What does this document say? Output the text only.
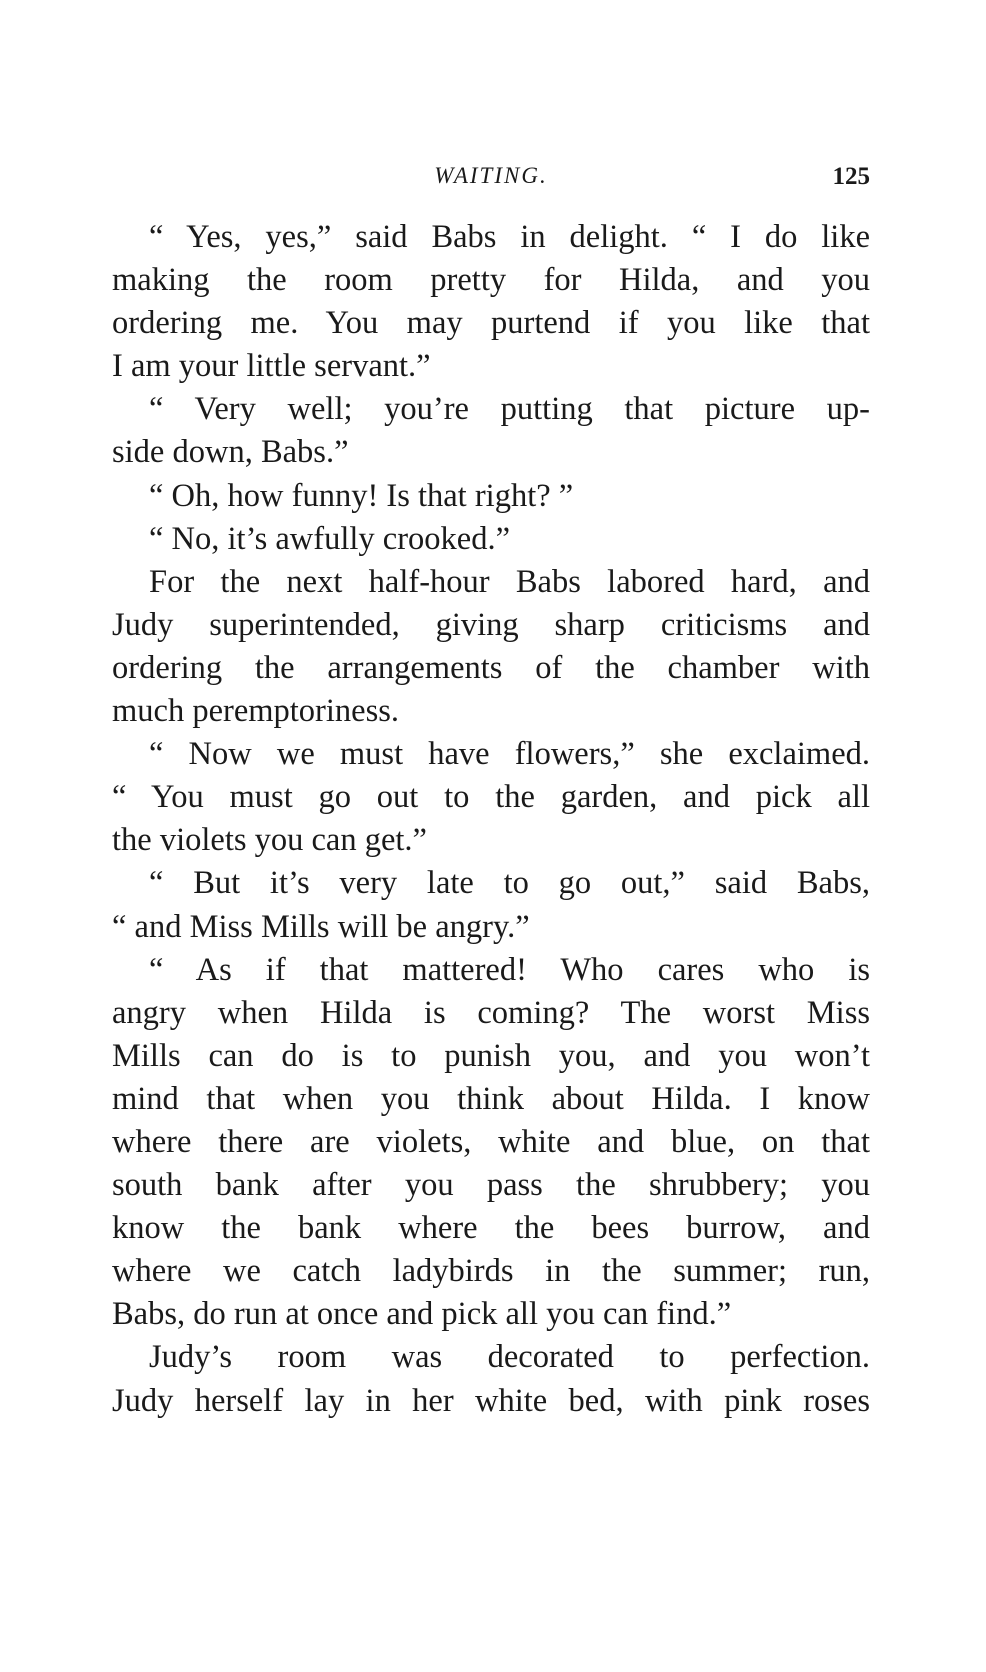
WAITING.	125
“ Yes, yes,” said Babs in delight. “ I do like
making the room pretty for Hilda, and you
ordering me. You may purtend if you like that
I am your little servant.”
“ Very well; you’re putting that picture up-
side down, Babs.”
“ Oh, how funny! Is that right? ”
“ No, it’s awfully crooked.”
For the next half-hour Babs labored hard, and
Judy superintended, giving sharp criticisms and
ordering the arrangements of the chamber with
much peremptoriness.
“ Now we must have flowers,” she exclaimed.
“ You must go out to the garden, and pick all
the violets you can get.”
“ But it’s very late to go out,” said Babs,
“ and Miss Mills will be angry.”
“ As if that mattered! Who cares who is
angry when Hilda is coming? The worst Miss
Mills can do is to punish you, and you won’t
mind that when you think about Hilda. I know
where there are violets, white and blue, on that
south bank after you pass the shrubbery; you
know the bank where the bees burrow, and
where we catch ladybirds in the summer; run,
Babs, do run at once and pick all you can find.”
Judy’s room was decorated to perfection.
Judy herself lay in her white bed, with pink roses
